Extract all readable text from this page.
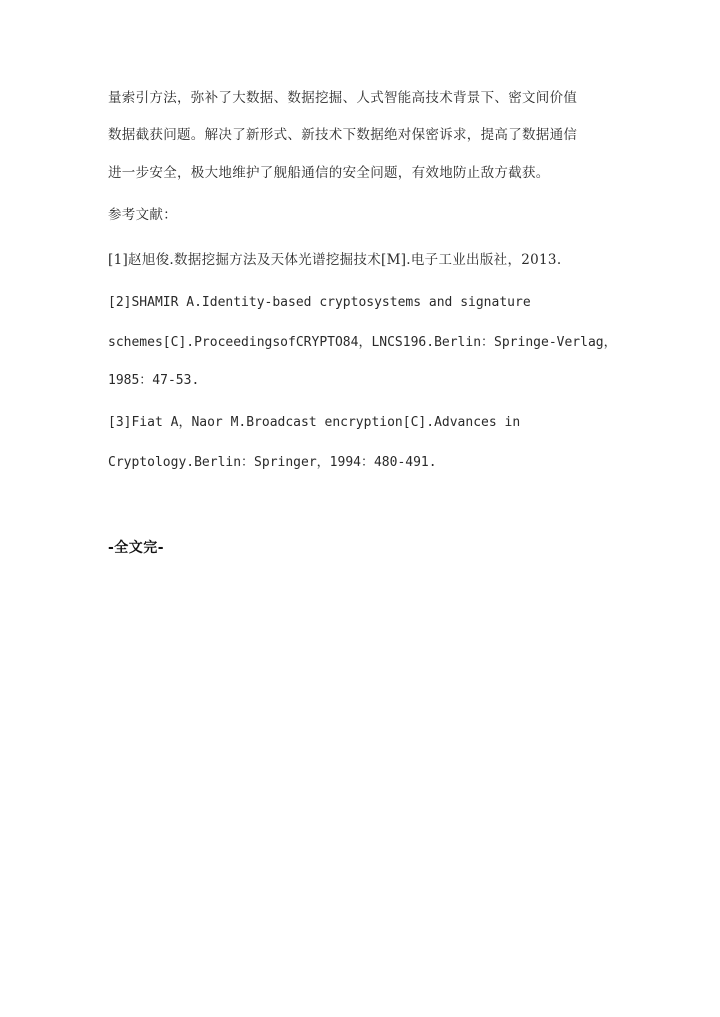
量索引方法，弥补了大数据、数据挖掘、人式智能高技术背景下、密文间价值
数据截获问题。解决了新形式、新技术下数据绝对保密诉求，提高了数据通信
进一步安全，极大地维护了舰船通信的安全问题，有效地防止敌方截获。
参考文献：
[1]赵旭俊.数据挖掘方法及天体光谱挖掘技术[M].电子工业出版社，2013.
[2]SHAMIR A.Identity-based cryptosystems and signature
schemes[C].ProceedingsofCRYPTO84，LNCS196.Berlin：Springe-Verlag，
1985：47-53.
[3]Fiat A，Naor M.Broadcast encryption[C].Advances in
Cryptology.Berlin：Springer，1994：480-491.
-全文完-
